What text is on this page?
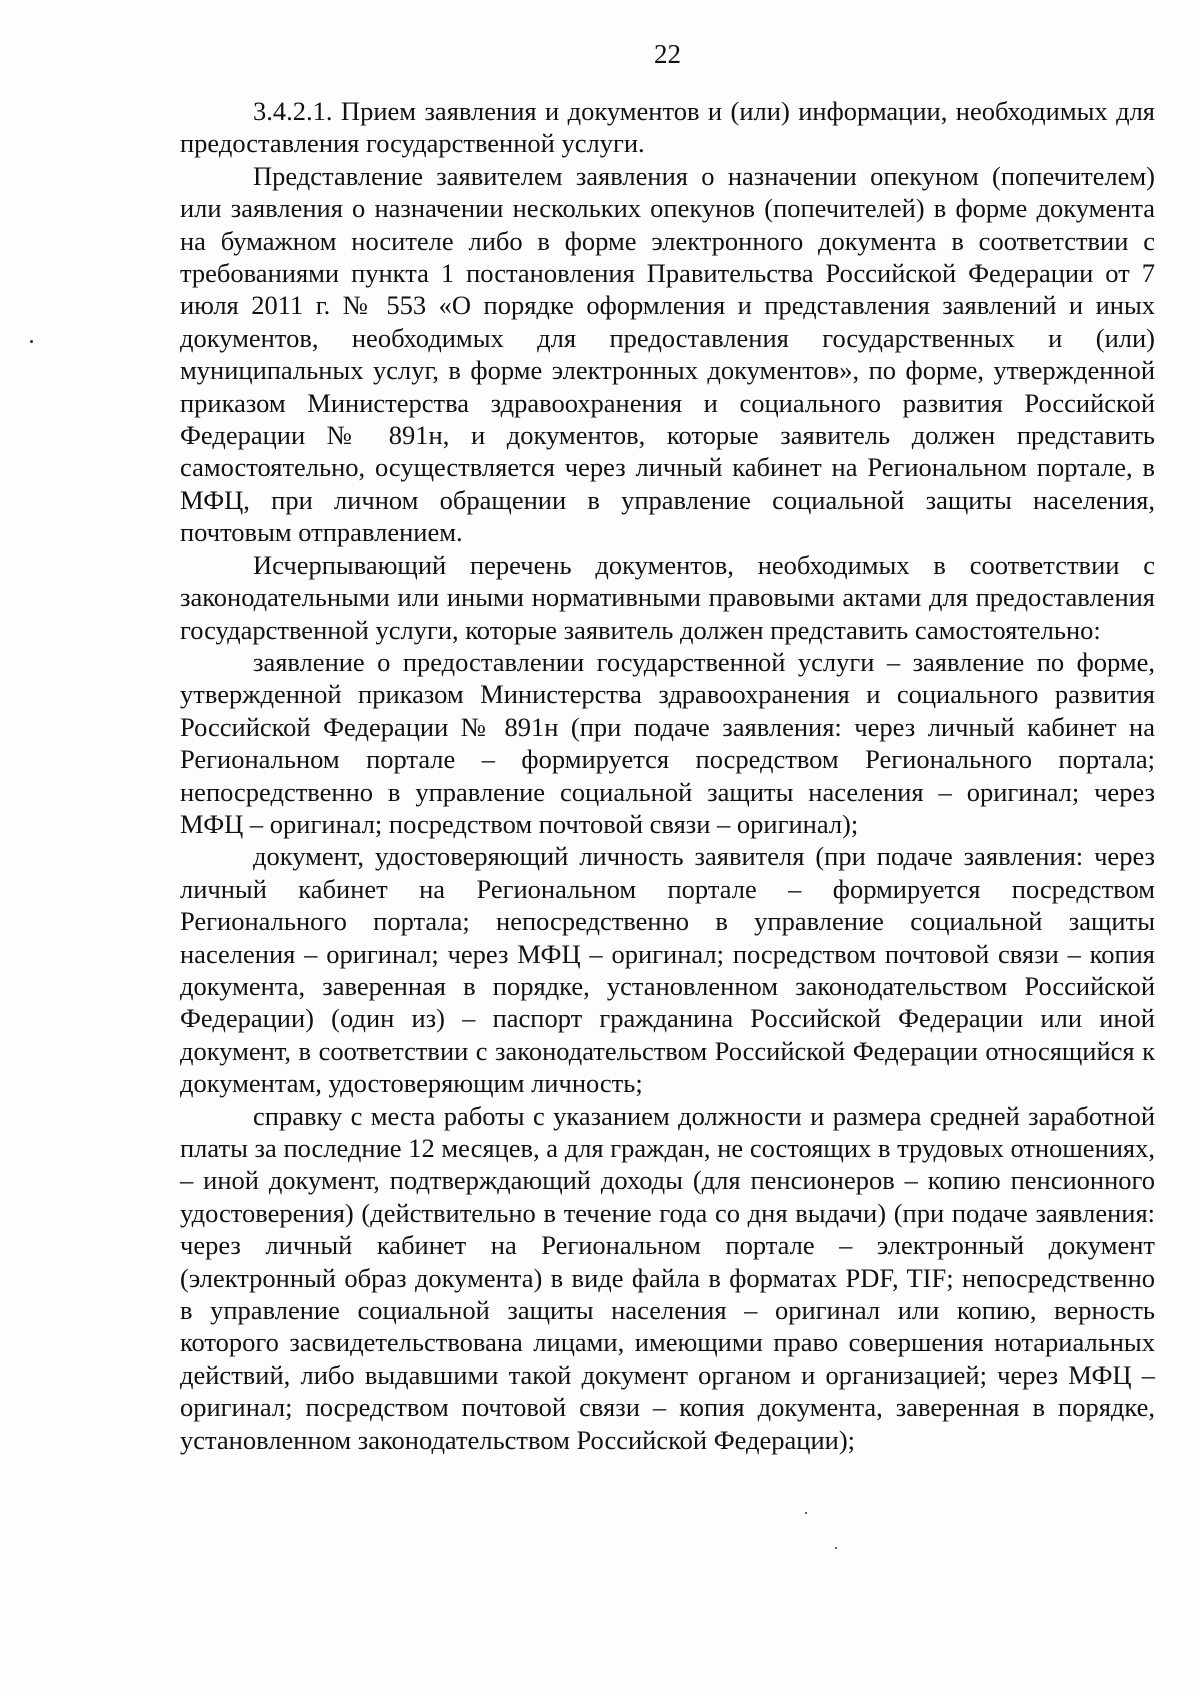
22

3.4.2.1. Прием заявления и документов и (или) информации, необходимых для предоставления государственной услуги.

Представление заявителем заявления о назначении опекуном (попечителем) или заявления о назначении нескольких опекунов (попечителей) в форме документа на бумажном носителе либо в форме электронного документа в соответствии с требованиями пункта 1 постановления Правительства Российской Федерации от 7 июля 2011 г. № 553 «О порядке оформления и представления заявлений и иных документов, необходимых для предоставления государственных и (или) муниципальных услуг, в форме электронных документов», по форме, утвержденной приказом Министерства здравоохранения и социального развития Российской Федерации № 891н, и документов, которые заявитель должен представить самостоятельно, осуществляется через личный кабинет на Региональном портале, в МФЦ, при личном обращении в управление социальной защиты населения, почтовым отправлением.

Исчерпывающий перечень документов, необходимых в соответствии с законодательными или иными нормативными правовыми актами для предоставления государственной услуги, которые заявитель должен представить самостоятельно:

заявление о предоставлении государственной услуги – заявление по форме, утвержденной приказом Министерства здравоохранения и социального развития Российской Федерации № 891н (при подаче заявления: через личный кабинет на Региональном портале – формируется посредством Регионального портала; непосредственно в управление социальной защиты населения – оригинал; через МФЦ – оригинал; посредством почтовой связи – оригинал);

документ, удостоверяющий личность заявителя (при подаче заявления: через личный кабинет на Региональном портале – формируется посредством Регионального портала; непосредственно в управление социальной защиты населения – оригинал; через МФЦ – оригинал; посредством почтовой связи – копия документа, заверенная в порядке, установленном законодательством Российской Федерации) (один из) – паспорт гражданина Российской Федерации или иной документ, в соответствии с законодательством Российской Федерации относящийся к документам, удостоверяющим личность;

справку с места работы с указанием должности и размера средней заработной платы за последние 12 месяцев, а для граждан, не состоящих в трудовых отношениях, – иной документ, подтверждающий доходы (для пенсионеров – копию пенсионного удостоверения) (действительно в течение года со дня выдачи) (при подаче заявления: через личный кабинет на Региональном портале – электронный документ (электронный образ документа) в виде файла в форматах PDF, TIF; непосредственно в управление социальной защиты населения – оригинал или копию, верность которого засвидетельствована лицами, имеющими право совершения нотариальных действий, либо выдавшими такой документ органом и организацией; через МФЦ – оригинал; посредством почтовой связи – копия документа, заверенная в порядке, установленном законодательством Российской Федерации);
